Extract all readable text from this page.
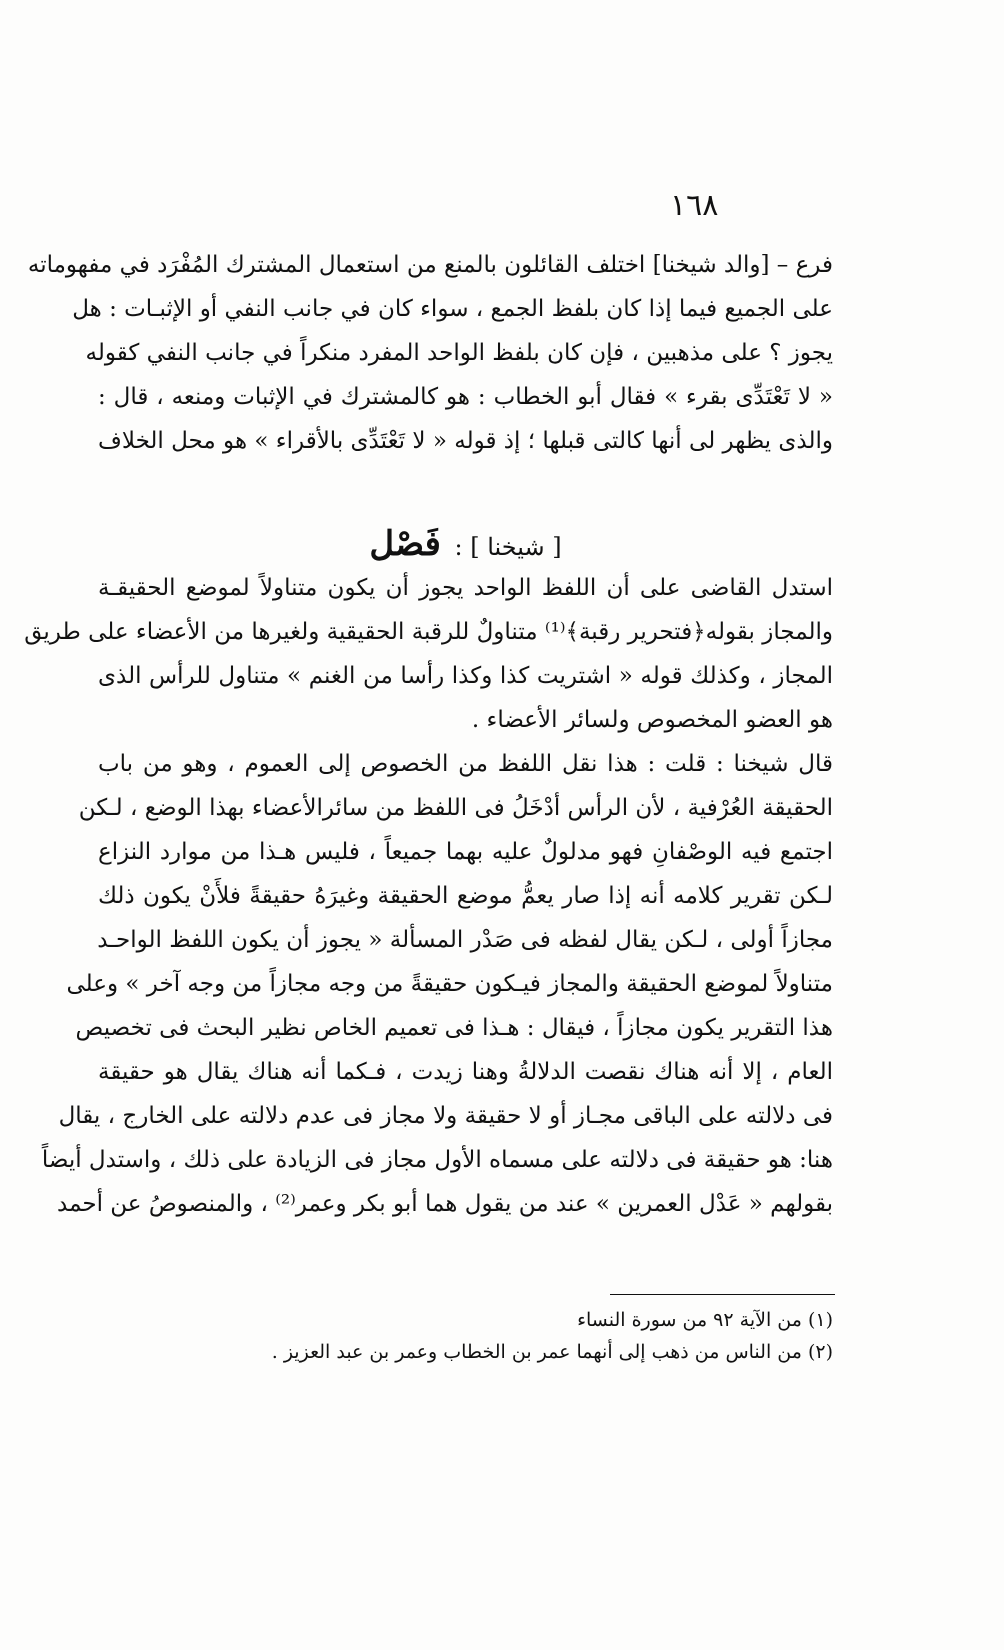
١٦٨
فرع – [والد شيخنا] اختلف القائلون بالمنع من استعمال المشترك المُفْرَد في مفهوماته
على الجميع فيما إذا كان بلفظ الجمع ، سواء كان في جانب النفي أو الإثبـات : هل
يجوز ؟ على مذهبين ، فإن كان بلفظ الواحد المفرد منكراً في جانب النفي كقوله
« لا تَعْتَدِّى بقرء » فقال أبو الخطاب : هو كالمشترك في الإثبات ومنعه ، قال :
والذى يظهر لى أنها كالتى قبلها ؛ إذ قوله « لا تَعْتَدِّى بالأقراء » هو محل الخلاف
[ شيخنا ] : فَصْل
استدل القاضى على أن اللفظ الواحد يجوز أن يكون متناولاً لموضع الحقيقـة
والمجاز بقوله﴿فتحرير رقبة﴾⁽¹⁾ متناولٌ للرقبة الحقيقية ولغيرها من الأعضاء على طريق
المجاز ، وكذلك قوله « اشتريت كذا وكذا رأسا من الغنم » متناول للرأس الذى
هو العضو المخصوص ولسائر الأعضاء .
قال شيخنا : قلت : هذا نقل اللفظ من الخصوص إلى العموم ، وهو من باب
الحقيقة العُرْفية ، لأن الرأس أدْخَلُ فى اللفظ من سائرالأعضاء بهذا الوضع ، لـكن
اجتمع فيه الوصْفانِ فهو مدلولٌ عليه بهما جميعاً ، فليس هـذا من موارد النزاع
لـكن تقرير كلامه أنه إذا صار يعمُّ موضع الحقيقة وغيرَهُ حقيقةً فلأَنْ يكون ذلك
مجازاً أولى ، لـكن يقال لفظه فى صَدْر المسألة « يجوز أن يكون اللفظ الواحـد
متناولاً لموضع الحقيقة والمجاز فيـكون حقيقةً من وجه مجازاً من وجه آخر » وعلى
هذا التقرير يكون مجازاً ، فيقال : هـذا فى تعميم الخاص نظير البحث فى تخصيص
العام ، إلا أنه هناك نقصت الدلالةُ وهنا زيدت ، فـكما أنه هناك يقال هو حقيقة
فى دلالته على الباقى مجـاز أو لا حقيقة ولا مجاز فى عدم دلالته على الخارج ، يقال
هنا: هو حقيقة فى دلالته على مسماه الأول مجاز فى الزيادة على ذلك ، واستدل أيضاً
بقولهم « عَدْل العمرين » عند من يقول هما أبو بكر وعمر⁽²⁾ ، والمنصوصُ عن أحمد
(١) من الآية ٩٢ من سورة النساء
(٢) من الناس من ذهب إلى أنهما عمر بن الخطاب وعمر بن عبد العزيز .
